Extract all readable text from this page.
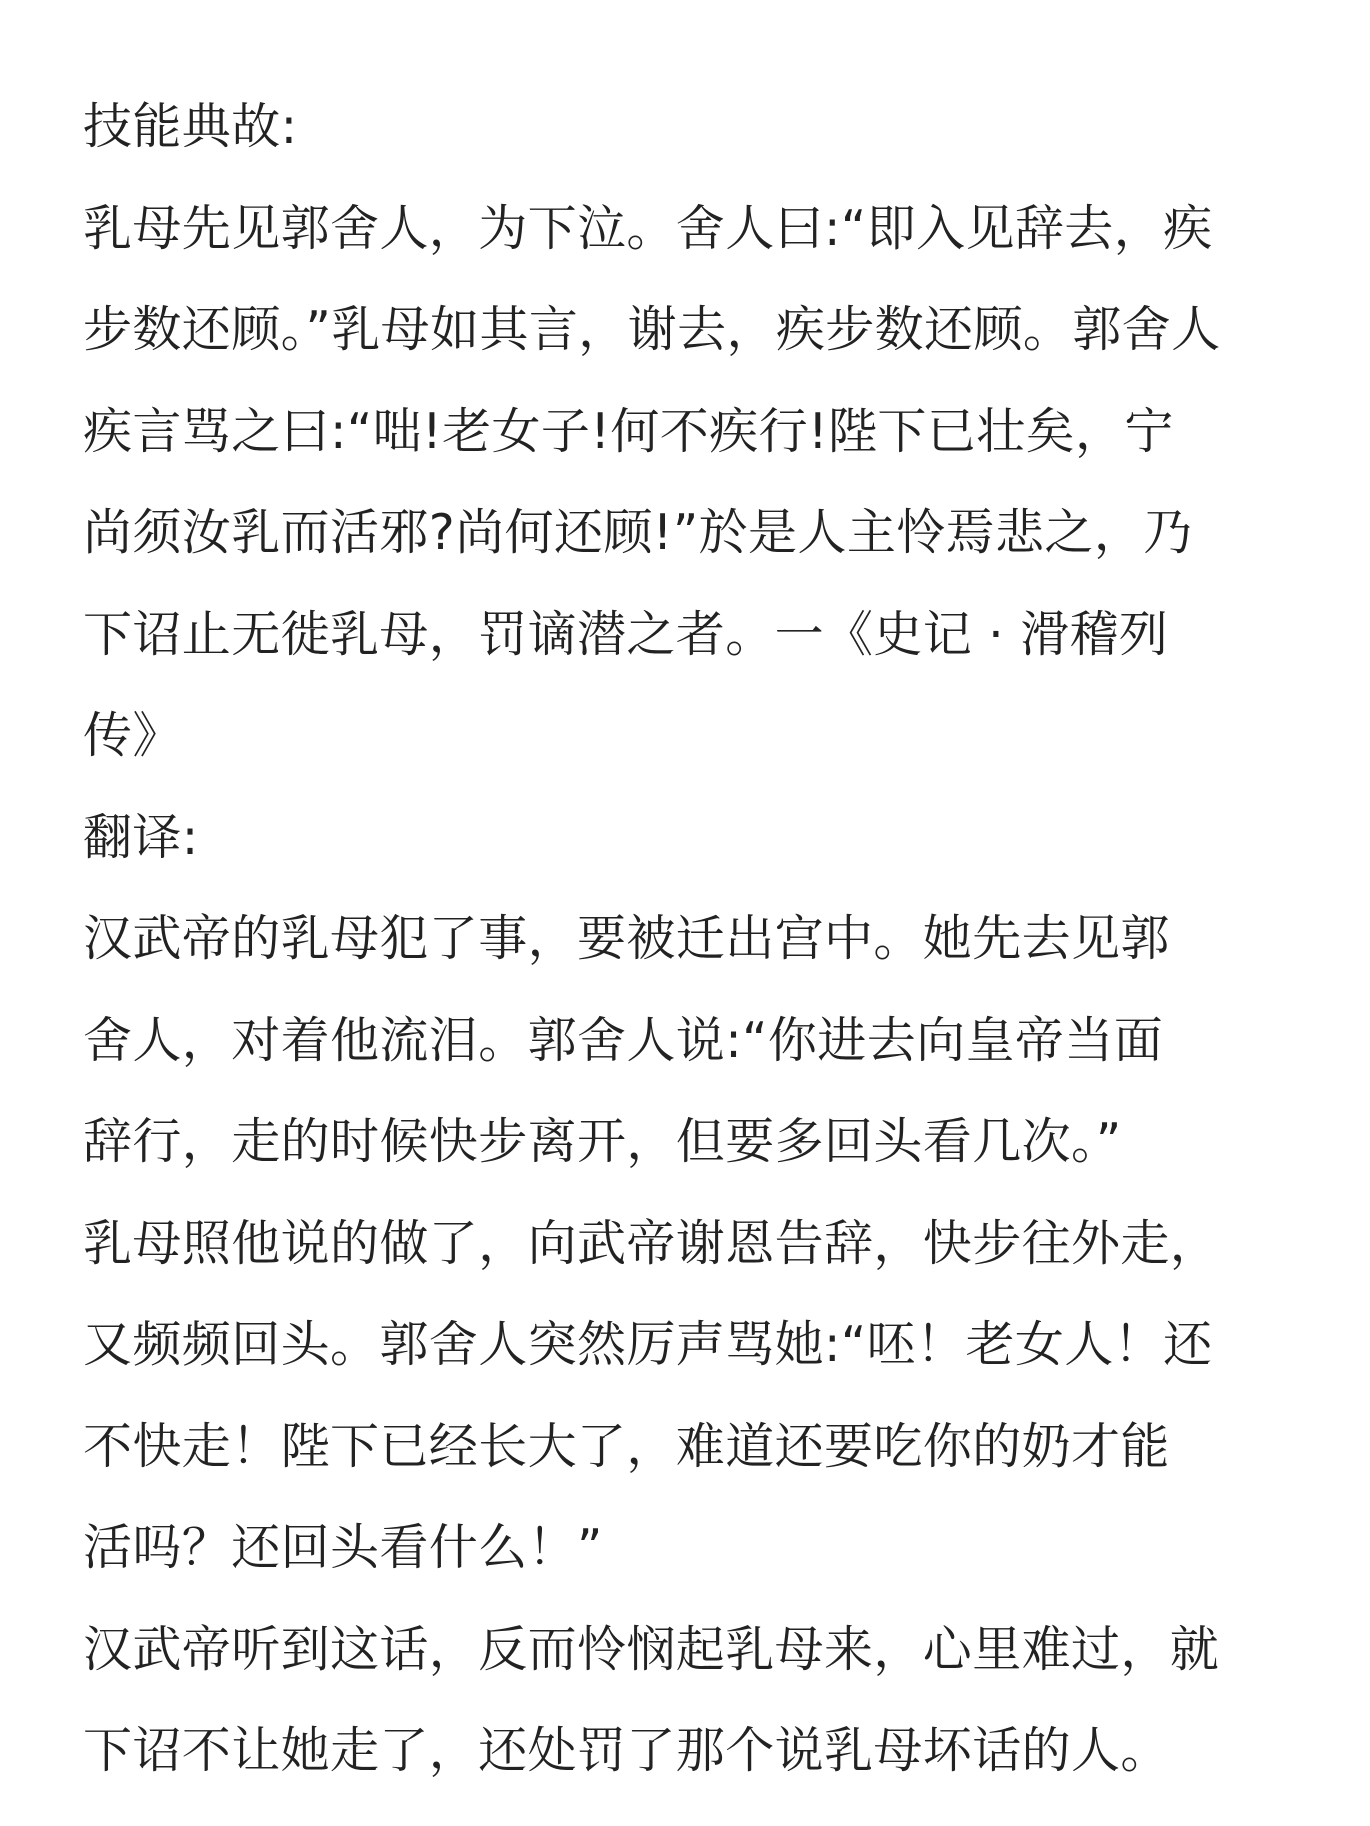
技能典故:
乳母先见郭舍人，为下泣。舍人曰:“即入见辞去，疾
步数还顾。”乳母如其言，谢去，疾步数还顾。郭舍人
疾言骂之曰:“咄!老女子!何不疾行!陛下已壮矣，宁
尚须汝乳而活邪?尚何还顾!”於是人主怜焉悲之，乃
下诏止无徙乳母，罚谪潜之者。一《史记 · 滑稽列
传》
翻译:
汉武帝的乳母犯了事，要被迁出宫中。她先去见郭
舍人，对着他流泪。郭舍人说:“你进去向皇帝当面
辞行，走的时候快步离开，但要多回头看几次。”
乳母照他说的做了，向武帝谢恩告辞，快步往外走，
又频频回头。郭舍人突然厉声骂她:“呸！老女人！还
不快走！陛下已经长大了，难道还要吃你的奶才能
活吗？还回头看什么！”
汉武帝听到这话，反而怜悯起乳母来，心里难过，就
下诏不让她走了，还处罚了那个说乳母坏话的人。
